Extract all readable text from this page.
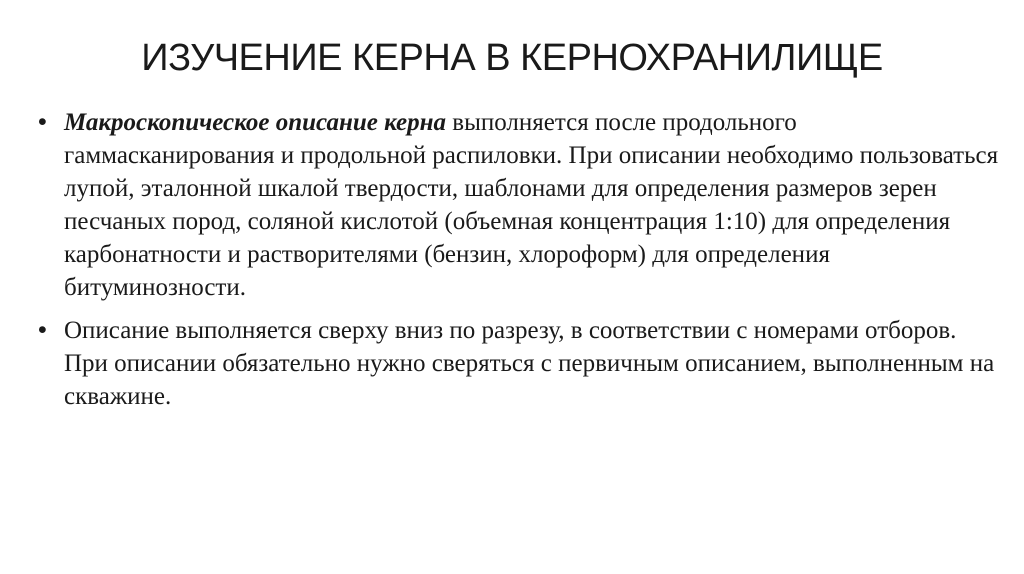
ИЗУЧЕНИЕ КЕРНА В КЕРНОХРАНИЛИЩЕ
• Макроскопическое описание керна выполняется после продольного гаммасканирования и продольной распиловки. При описании необходимо пользоваться лупой, эталонной шкалой твердости, шаблонами для определения размеров зерен песчаных пород, соляной кислотой (объемная концентрация 1:10) для определения карбонатности и растворителями (бензин, хлороформ) для определения битуминозности.
• Описание выполняется сверху вниз по разрезу, в соответствии с номерами отборов. При описании обязательно нужно сверяться с первичным описанием, выполненным на скважине.
